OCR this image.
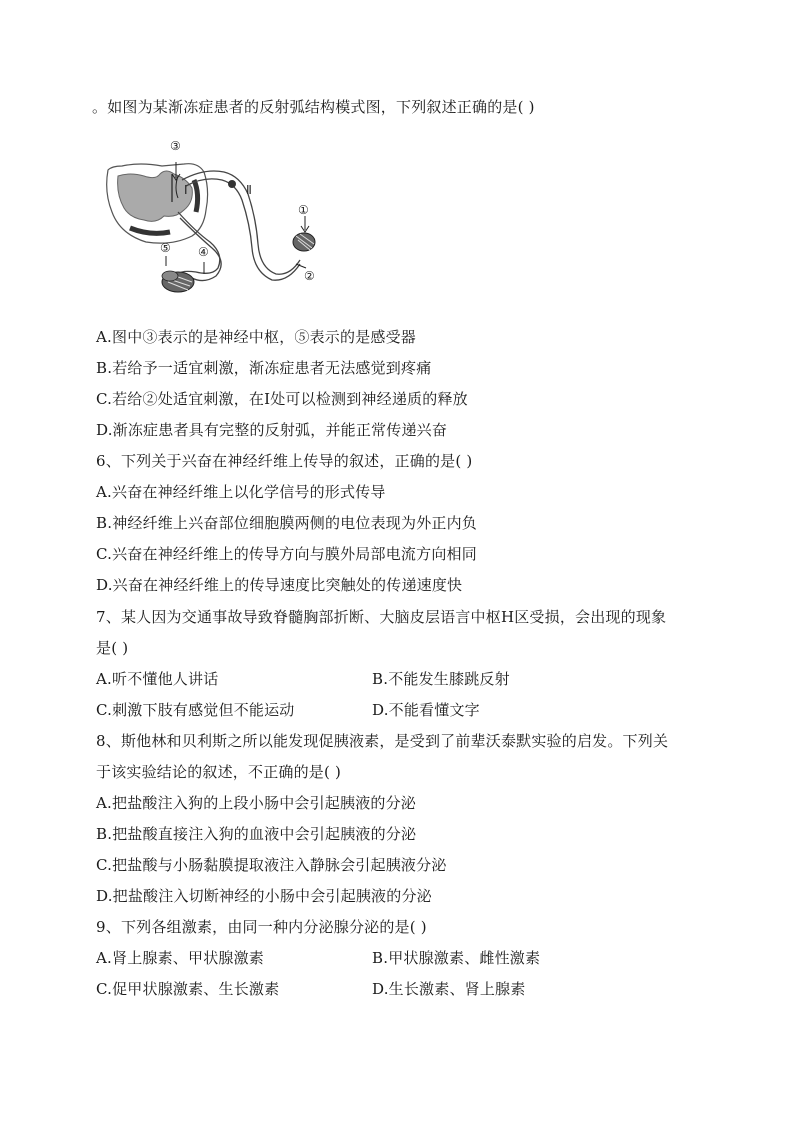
。如图为某渐冻症患者的反射弧结构模式图，下列叙述正确的是( )
③
Ⅰ	Ⅱ
①
②
④
⑤
A.图中③表示的是神经中枢，⑤表示的是感受器
B.若给予一适宜刺激，渐冻症患者无法感觉到疼痛
C.若给②处适宜刺激，在Ⅰ处可以检测到神经递质的释放
D.渐冻症患者具有完整的反射弧，并能正常传递兴奋
6、下列关于兴奋在神经纤维上传导的叙述，正确的是( )
A.兴奋在神经纤维上以化学信号的形式传导
B.神经纤维上兴奋部位细胞膜两侧的电位表现为外正内负
C.兴奋在神经纤维上的传导方向与膜外局部电流方向相同
D.兴奋在神经纤维上的传导速度比突触处的传递速度快
7、某人因为交通事故导致脊髓胸部折断、大脑皮层语言中枢H区受损，会出现的现象
是( )
A.听不懂他人讲话	B.不能发生膝跳反射
C.刺激下肢有感觉但不能运动	D.不能看懂文字
8、斯他林和贝利斯之所以能发现促胰液素，是受到了前辈沃泰默实验的启发。下列关
于该实验结论的叙述，不正确的是( )
A.把盐酸注入狗的上段小肠中会引起胰液的分泌
B.把盐酸直接注入狗的血液中会引起胰液的分泌
C.把盐酸与小肠黏膜提取液注入静脉会引起胰液分泌
D.把盐酸注入切断神经的小肠中会引起胰液的分泌
9、下列各组激素，由同一种内分泌腺分泌的是( )
A.肾上腺素、甲状腺激素	B.甲状腺激素、雌性激素
C.促甲状腺激素、生长激素	D.生长激素、肾上腺素
